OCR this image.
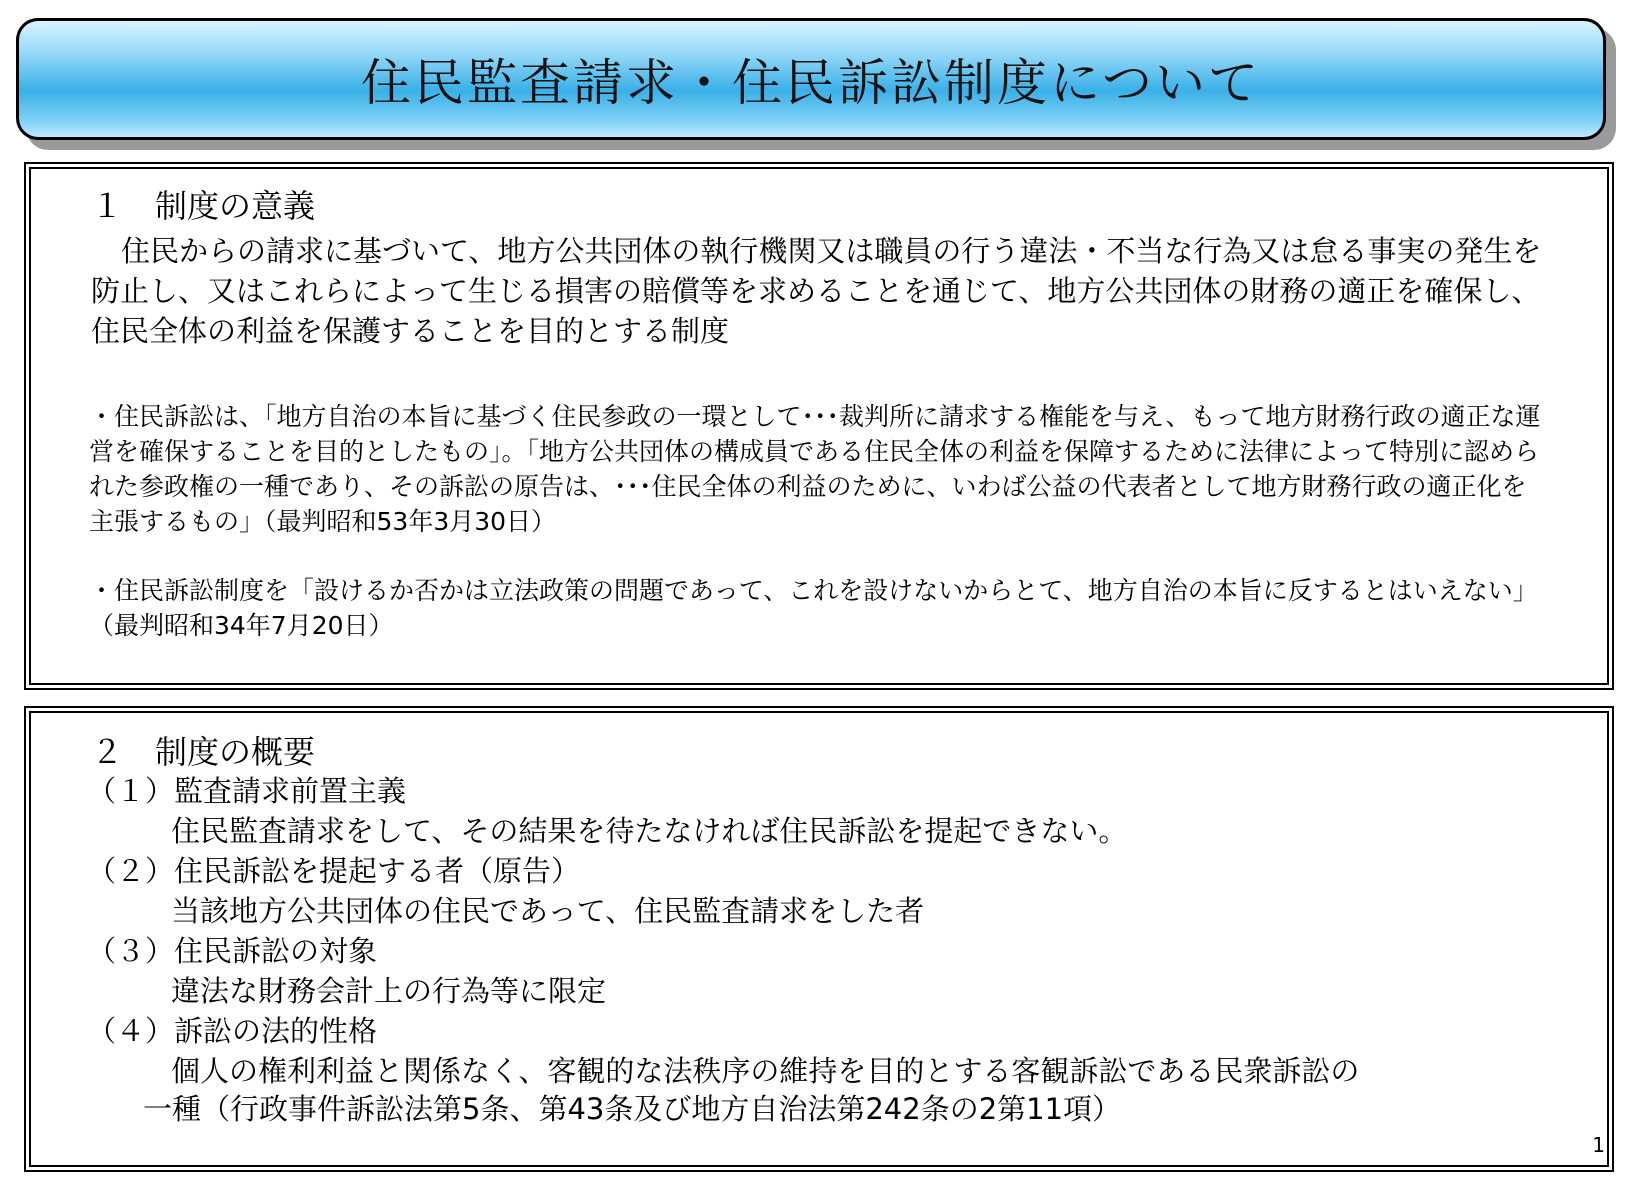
住民監査請求・住民訴訟制度について
１　制度の意義
住民からの請求に基づいて、地方公共団体の執行機関又は職員の行う違法・不当な行為又は怠る事実の発生を防止し、又はこれらによって生じる損害の賠償等を求めることを通じて、地方公共団体の財務の適正を確保し、住民全体の利益を保護することを目的とする制度
・住民訴訟は、「地方自治の本旨に基づく住民参政の一環として･･･裁判所に請求する権能を与え、もって地方財務行政の適正な運営を確保することを目的としたもの」。「地方公共団体の構成員である住民全体の利益を保障するために法律によって特別に認められた参政権の一種であり、その訴訟の原告は、･･･住民全体の利益のために、いわば公益の代表者として地方財務行政の適正化を主張するもの」（最判昭和53年3月30日）
・住民訴訟制度を「設けるか否かは立法政策の問題であって、これを設けないからとて、地方自治の本旨に反するとはいえない」（最判昭和34年7月20日）
２　制度の概要
（１）監査請求前置主義
住民監査請求をして、その結果を待たなければ住民訴訟を提起できない。
（２）住民訴訟を提起する者（原告）
当該地方公共団体の住民であって、住民監査請求をした者
（３）住民訴訟の対象
違法な財務会計上の行為等に限定
（４）訴訟の法的性格
個人の権利利益と関係なく、客観的な法秩序の維持を目的とする客観訴訟である民衆訴訟の
一種（行政事件訴訟法第5条、第43条及び地方自治法第242条の2第11項）
1
